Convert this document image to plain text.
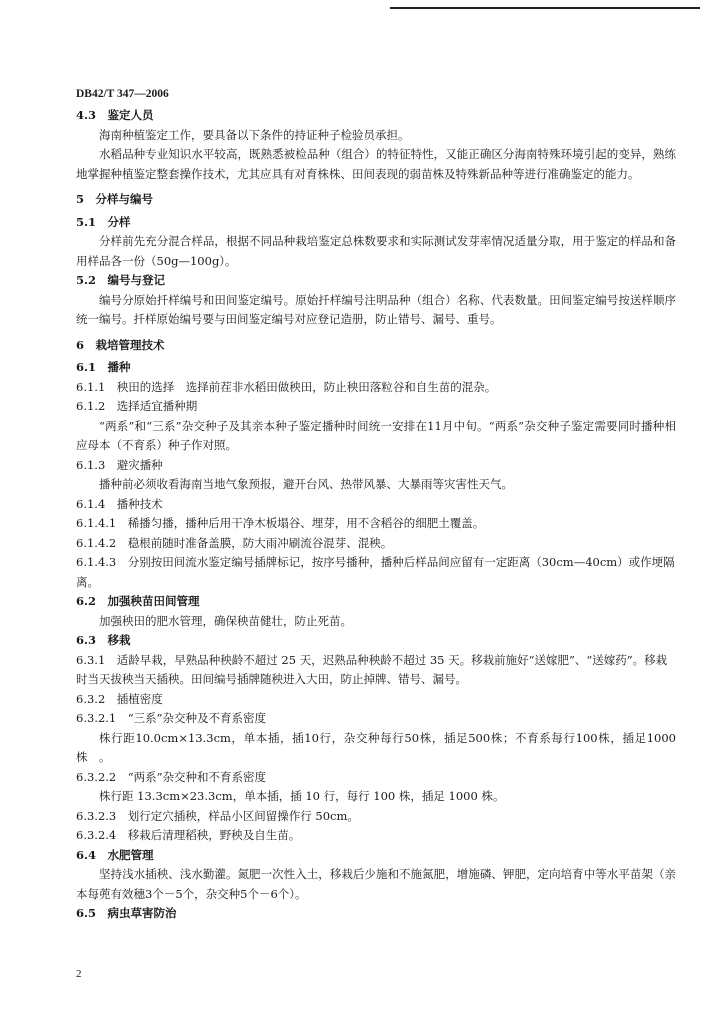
DB42/T 347—2006

4.3　鉴定人员

海南种植鉴定工作，要具备以下条件的持证种子检验员承担。

水稻品种专业知识水平较高，既熟悉被检品种（组合）的特征特性，又能正确区分海南特殊环境引起的变异，熟练地掌握种植鉴定整套操作技术，尤其应具有对育株株、田间表现的弱苗株及特殊新品种等进行准确鉴定的能力。

5　分样与编号

5.1　分样

分样前先充分混合样品，根据不同品种栽培鉴定总株数要求和实际测试发芽率情况适量分取，用于鉴定的样品和备用样品各一份（50g—100g）。

5.2　编号与登记

编号分原始扦样编号和田间鉴定编号。原始扦样编号注明品种（组合）名称、代表数量。田间鉴定编号按送样顺序统一编号。扦样原始编号要与田间鉴定编号对应登记造册，防止错号、漏号、重号。

6　栽培管理技术

6.1　播种

6.1.1　秧田的选择　选择前茬非水稻田做秧田，防止秧田落粒谷和自生苗的混杂。

6.1.2　选择适宜播种期

“两系”和“三系”杂交种子及其亲本种子鉴定播种时间统一安排在11月中旬。“两系”杂交种子鉴定需要同时播种相应母本（不育系）种子作对照。

6.1.3　避灾播种

播种前必须收看海南当地气象预报，避开台风、热带风暴、大暴雨等灾害性天气。

6.1.4　播种技术

6.1.4.1　稀播匀播，播种后用干净木板塌谷、埋芽，用不含稻谷的细肥土覆盖。

6.1.4.2　稳根前随时准备盖膜，防大雨冲刷流谷混芽、混秧。

6.1.4.3　分别按田间流水鉴定编号插牌标记，按序号播种，播种后样品间应留有一定距离（30cm—40cm）或作埂隔离。

6.2　加强秧苗田间管理

加强秧田的肥水管理，确保秧苗健壮，防止死苗。

6.3　移栽

6.3.1　适龄早栽，早熟品种秧龄不超过 25 天，迟熟品种秧龄不超过 35 天。移栽前施好“送嫁肥”、“送嫁药”。移栽时当天拔秧当天插秧。田间编号插牌随秧进入大田，防止掉牌、错号、漏号。

6.3.2　插植密度

6.3.2.1　“三系”杂交种及不育系密度

株行距10.0cm×13.3cm，单本插，插10行，杂交种每行50株，插足500株；不育系每行100株，插足1000株　。

6.3.2.2　“两系”杂交种和不育系密度

株行距 13.3cm×23.3cm，单本插，插 10 行，每行 100 株，插足 1000 株。

6.3.2.3　划行定穴插秧，样品小区间留操作行 50cm。

6.3.2.4　移栽后清理稻秧，野秧及自生苗。

6.4　水肥管理

坚持浅水插秧、浅水勤灌。氮肥一次性入土，移栽后少施和不施氮肥，增施磷、钾肥，定向培育中等水平苗架（亲本每蔸有效穗3个－5个，杂交种5个－6个）。

6.5　病虫草害防治

2
